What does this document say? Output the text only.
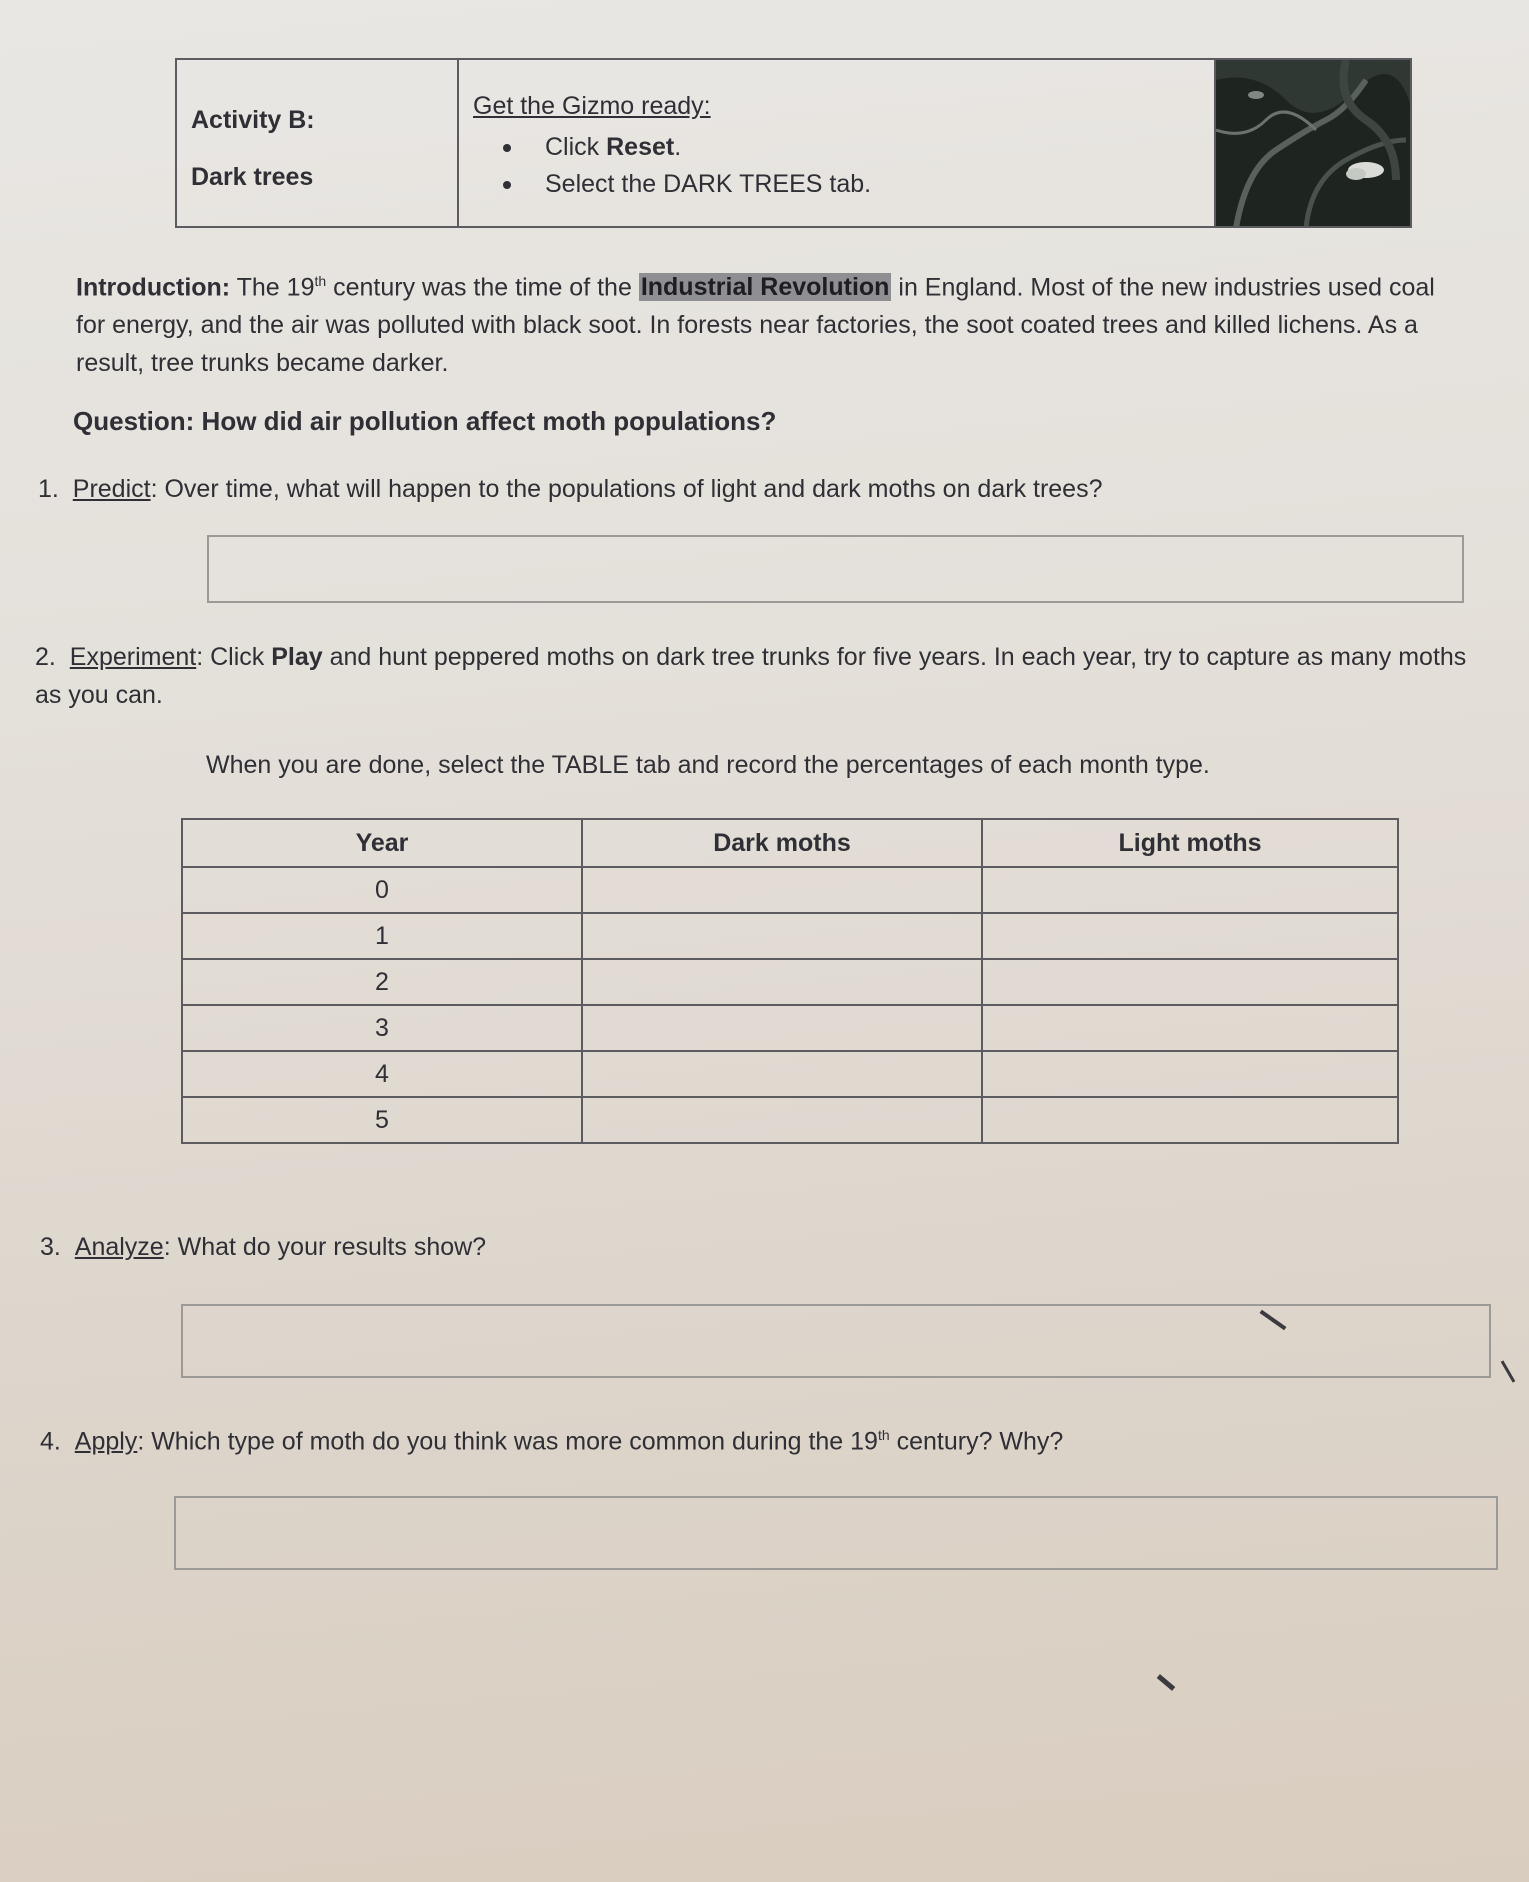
Activity B:
Dark trees
Get the Gizmo ready:
Click Reset.
Select the DARK TREES tab.
Introduction: The 19th century was the time of the Industrial Revolution in England. Most of the new industries used coal for energy, and the air was polluted with black soot. In forests near factories, the soot coated trees and killed lichens. As a result, tree trunks became darker.
Question: How did air pollution affect moth populations?
1. Predict: Over time, what will happen to the populations of light and dark moths on dark trees?
2. Experiment: Click Play and hunt peppered moths on dark tree trunks for five years. In each year, try to capture as many moths as you can.
When you are done, select the TABLE tab and record the percentages of each month type.
Year	Dark moths	Light moths
0		
1		
2		
3		
4		
5		
3. Analyze: What do your results show?
4. Apply: Which type of moth do you think was more common during the 19th century? Why?
